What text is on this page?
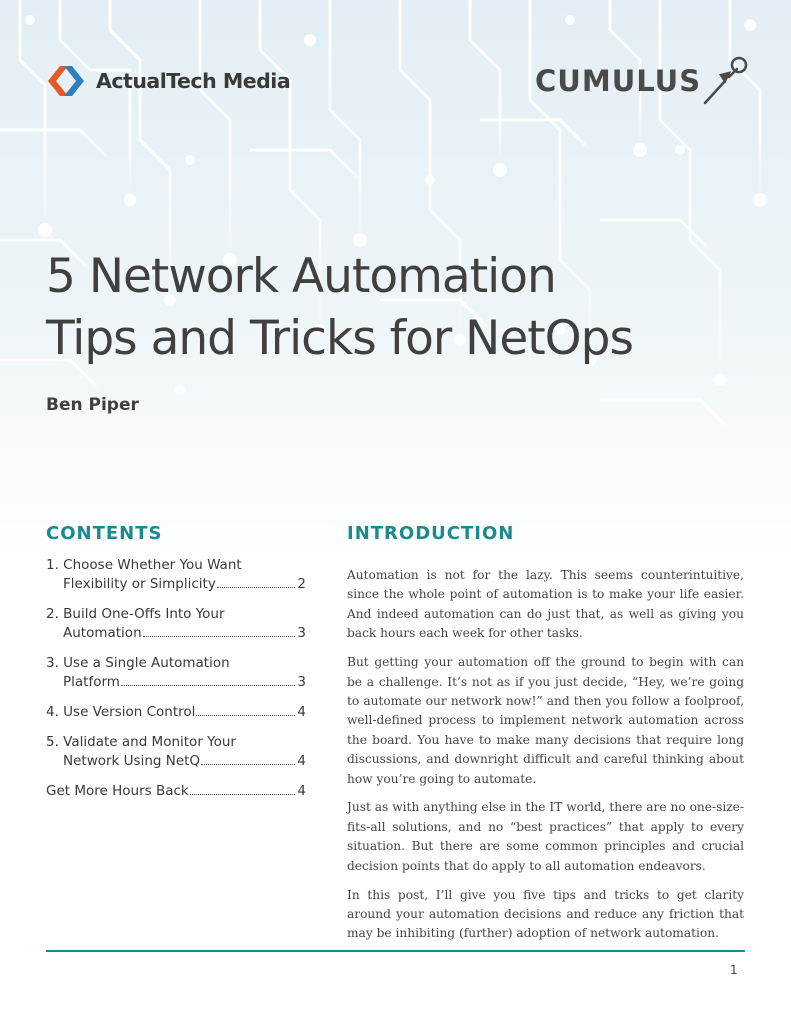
ActualTech Media	CUMULUS
5 Network Automation
Tips and Tricks for NetOps
Ben Piper
CONTENTS
1. Choose Whether You Want
Flexibility or Simplicity	2
2. Build One-Offs Into Your
Automation	3
3. Use a Single Automation
Platform	3
4. Use Version Control	4
5. Validate and Monitor Your
Network Using NetQ	4
Get More Hours Back	4
INTRODUCTION

Automation is not for the lazy. This seems counterintuitive, since the whole point of automation is to make your life easier. And indeed automation can do just that, as well as giving you back hours each week for other tasks.

But getting your automation off the ground to begin with can be a challenge. It’s not as if you just decide, “Hey, we’re going to automate our network now!” and then you follow a foolproof, well-defined process to implement network automation across the board. You have to make many decisions that require long discussions, and downright difficult and careful thinking about how you’re going to automate.

Just as with anything else in the IT world, there are no one-size-fits-all solutions, and no “best practices” that apply to every situation. But there are some common principles and crucial decision points that do apply to all automation endeavors.

In this post, I’ll give you five tips and tricks to get clarity around your automation decisions and reduce any friction that may be inhibiting (further) adoption of network automation.

1
